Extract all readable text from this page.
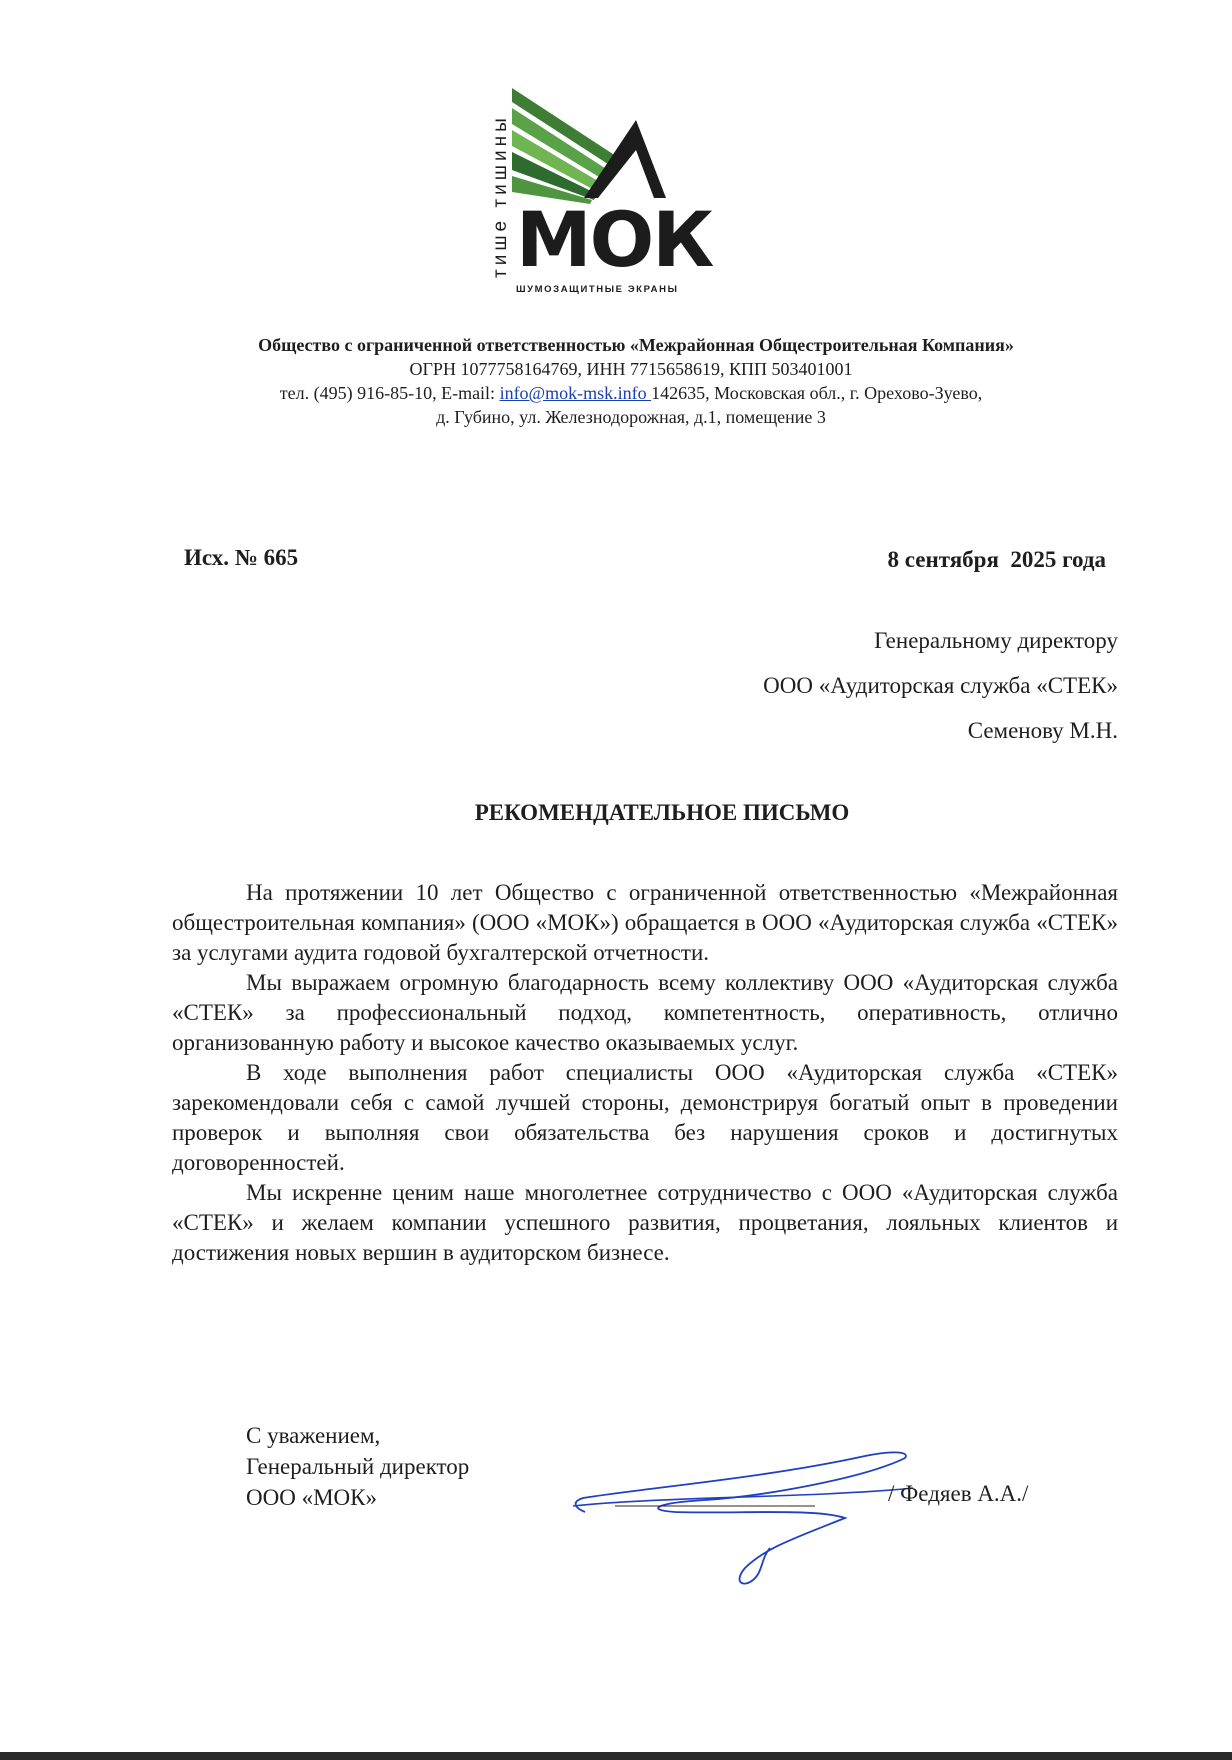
тише тишины МОК
ШУМОЗАЩИТНЫЕ ЭКРАНЫ
Общество с ограниченной ответственностью «Межрайонная Общестроительная Компания»
ОГРН 1077758164769, ИНН 7715658619, КПП 503401001
тел. (495) 916-85-10, E-mail: info@mok-msk.info 142635, Московская обл., г. Орехово-Зуево,
д. Губино, ул. Железнодорожная, д.1, помещение 3
Исх. № 665	8 сентября  2025 года
Генеральному директору
ООО «Аудиторская служба «СТЕК»
Семенову М.Н.
РЕКОМЕНДАТЕЛЬНОЕ ПИСЬМО

На протяжении 10 лет Общество с ограниченной ответственностью «Межрайонная общестроительная компания» (ООО «МОК») обращается в ООО «Аудиторская служба «СТЕК» за услугами аудита годовой бухгалтерской отчетности.

Мы выражаем огромную благодарность всему коллективу ООО «Аудиторская служба «СТЕК» за профессиональный подход, компетентность, оперативность, отлично организованную работу и высокое качество оказываемых услуг.

В ходе выполнения работ специалисты ООО «Аудиторская служба «СТЕК» зарекомендовали себя с самой лучшей стороны, демонстрируя богатый опыт в проведении проверок и выполняя свои обязательства без нарушения сроков и достигнутых договоренностей.

Мы искренне ценим наше многолетнее сотрудничество с ООО «Аудиторская служба «СТЕК» и желаем компании успешного развития, процветания, лояльных клиентов и достижения новых вершин в аудиторском бизнесе.

С уважением,
Генеральный директор
ООО «МОК»	/ Федяев А.А./
